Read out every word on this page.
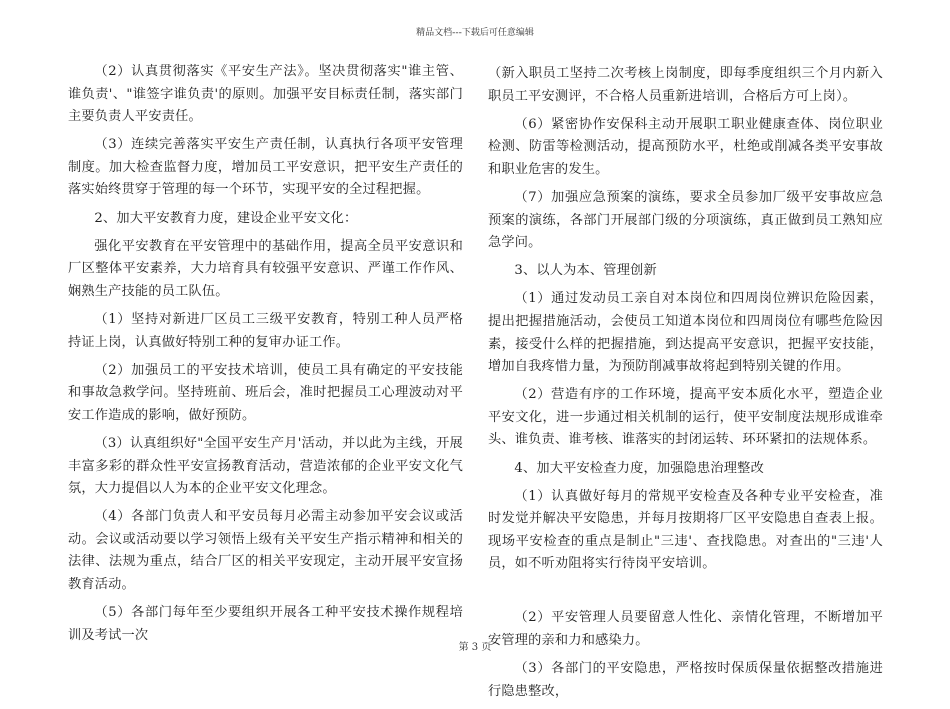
精品文档---下载后可任意编辑

（2）认真贯彻落实《平安生产法》。坚决贯彻落实"谁主管、谁负责'、"谁签字谁负责'的原则。加强平安目标责任制，落实部门主要负责人平安责任。

（3）连续完善落实平安生产责任制，认真执行各项平安管理制度。加大检查监督力度，增加员工平安意识，把平安生产责任的落实始终贯穿于管理的每一个环节，实现平安的全过程把握。

2、加大平安教育力度，建设企业平安文化：

强化平安教育在平安管理中的基础作用，提高全员平安意识和厂区整体平安素养，大力培育具有较强平安意识、严谨工作作风、娴熟生产技能的员工队伍。

（1）坚持对新进厂区员工三级平安教育，特别工种人员严格持证上岗，认真做好特别工种的复审办证工作。

（2）加强员工的平安技术培训，使员工具有确定的平安技能和事故急救学问。坚持班前、班后会，准时把握员工心理波动对平安工作造成的影响，做好预防。

（3）认真组织好"全国平安生产月'活动，并以此为主线，开展丰富多彩的群众性平安宣扬教育活动，营造浓郁的企业平安文化气氛，大力提倡以人为本的企业平安文化理念。

（4）各部门负责人和平安员每月必需主动参加平安会议或活动。会议或活动要以学习领悟上级有关平安生产指示精神和相关的法律、法规为重点，结合厂区的相关平安现定，主动开展平安宣扬教育活动。

（5）各部门每年至少要组织开展各工种平安技术操作规程培训及考试一次

（新入职员工坚持二次考核上岗制度，即每季度组织三个月内新入职员工平安测评，不合格人员重新进培训，合格后方可上岗）。

（6）紧密协作安保科主动开展职工职业健康查体、岗位职业检测、防雷等检测活动，提高预防水平，杜绝或削减各类平安事故和职业危害的发生。

（7）加强应急预案的演练，要求全员参加厂级平安事故应急预案的演练，各部门开展部门级的分项演练，真正做到员工熟知应急学问。

3、以人为本、管理创新

（1）通过发动员工亲自对本岗位和四周岗位辨识危险因素，提出把握措施活动，会使员工知道本岗位和四周岗位有哪些危险因素，接受什么样的把握措施，到达提高平安意识，把握平安技能，增加自我疼惜力量，为预防削减事故将起到特别关键的作用。

（2）营造有序的工作环境，提高平安本质化水平，塑造企业平安文化，进一步通过相关机制的运行，使平安制度法规形成谁牵头、谁负责、谁考核、谁落实的封闭运转、环环紧扣的法规体系。

4、加大平安检查力度，加强隐患治理整改

（1）认真做好每月的常规平安检查及各种专业平安检查，准时发觉并解决平安隐患，并每月按期将厂区平安隐患自查表上报。现场平安检查的重点是制止"三违'、查找隐患。对查出的"三违'人员，如不听劝阻将实行待岗平安培训。

（2）平安管理人员要留意人性化、亲情化管理，不断增加平安管理的亲和力和感染力。

（3）各部门的平安隐患，严格按时保质保量依据整改措施进行隐患整改，

第 3 页
